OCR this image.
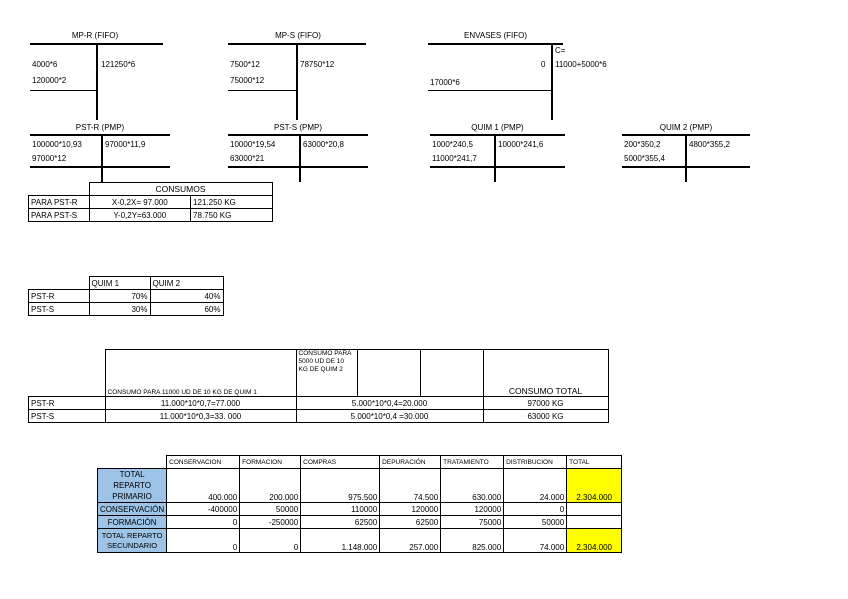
MP-R (FIFO)
4000*6	121250*6
120000*2
MP-S (FIFO)
7500*12	78750*12
75000*12
ENVASES (FIFO)
C=
0 11000+5000*6
17000*6
PST-R (PMP)
100000*10,93	97000*11,9
97000*12
PST-S (PMP)
10000*19,54	63000*20,8
63000*21
QUIM 1 (PMP)
1000*240,5	10000*241,6
11000*241,7
QUIM 2 (PMP)
200*350,2	4800*355,2
5000*355,4
	CONSUMOS	
PARA PST-R	X-0,2X= 97.000	121.250 KG
PARA PST-S	Y-0,2Y=63.000	78.750 KG
	QUIM 1	QUIM 2
PST-R	70%	40%
PST-S	30%	60%
	CONSUMO PARA 11000 UD DE 10 KG DE QUIM 1	CONSUMO PARA 5000 UD DE 10 KG DE QUIM 2			CONSUMO TOTAL
PST-R	11.000*10*0,7=77.000	5.000*10*0,4=20.000			97000 KG
PST-S	11.000*10*0,3=33. 000	5.000*10*0,4 =30.000			63000 KG
	CONSERVACION	FORMACION	COMPRAS	DEPURACIÓN	TRATAMIENTO	DISTRIBUCION	TOTAL
TOTAL REPARTO PRIMARIO	400.000	200.000	975.500	74.500	630.000	24.000	2.304.000
CONSERVACIÓN	-400000	50000	110000	120000	120000	0	
FORMACIÓN	0	-250000	62500	62500	75000	50000	
TOTAL REPARTO SECUNDARIO	0	0	1.148.000	257.000	825.000	74.000	2.304.000
